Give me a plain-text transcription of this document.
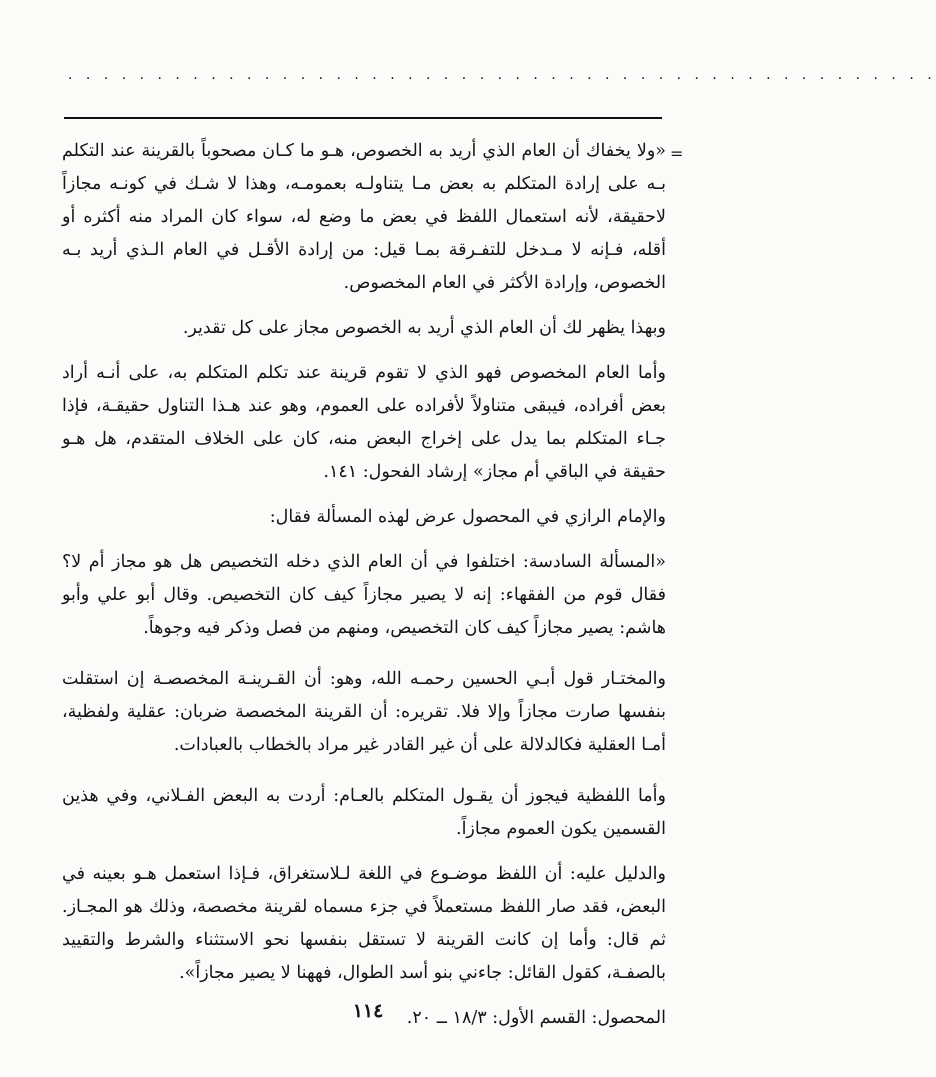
· · · · · · · · · · · · · · · · · · · · · · · · · · · · · · · · · · · · · · · · · · · · · · · · ·
=

«ولا يخفاك أن العام الذي أريد به الخصوص، هـو ما كـان مصحوباً بالقرينة عند التكلم بـه على إرادة المتكلم به بعض مـا يتناولـه بعمومـه، وهذا لا شـك في كونـه مجازاً لاحقيقة، لأنه استعمال اللفظ في بعض ما وضع له، سواء كان المراد منه أكثره أو أقله، فـإنه لا مـدخل للتفـرقة بمـا قيل: من إرادة الأقـل في العام الـذي أريد بـه الخصوص، وإرادة الأكثر في العام المخصوص.

وبهذا يظهر لك أن العام الذي أريد به الخصوص مجاز على كل تقدير.

وأما العام المخصوص فهو الذي لا تقوم قرينة عند تكلم المتكلم به، على أنـه أراد بعض أفراده، فيبقى متناولاً لأفراده على العموم، وهو عند هـذا التناول حقيقـة، فإذا جـاء المتكلم بما يدل على إخراج البعض منه، كان على الخلاف المتقدم، هل هـو حقيقة في الباقي أم مجاز» إرشاد الفحول: ١٤١.

والإمام الرازي في المحصول عرض لهذه المسألة فقال:

«المسألة السادسة: اختلفوا في أن العام الذي دخله التخصيص هل هو مجاز أم لا؟ فقال قوم من الفقهاء: إنه لا يصير مجازاً كيف كان التخصيص. وقال أبو علي وأبو هاشم: يصير مجازاً كيف كان التخصيص، ومنهم من فصل وذكر فيه وجوهاً.

والمختـار قول أبـي الحسين رحمـه الله، وهو: أن القـرينـة المخصصـة إن استقلت بنفسها صارت مجازاً وإلا فلا. تقريره: أن القرينة المخصصة ضربان: عقلية ولفظية، أمـا العقلية فكالدلالة على أن غير القادر غير مراد بالخطاب بالعبادات.

وأما اللفظية فيجوز أن يقـول المتكلم بالعـام: أردت به البعض الفـلاني، وفي هذين القسمين يكون العموم مجازاً.

والدليل عليه: أن اللفظ موضـوع في اللغة لـلاستغراق، فـإذا استعمل هـو بعينه في البعض، فقد صار اللفظ مستعملاً في جزء مسماه لقرينة مخصصة، وذلك هو المجـاز. ثم قال: وأما إن كانت القرينة لا تستقل بنفسها نحو الاستثناء والشرط والتقييد بالصفـة، كقول القائل: جاءني بنو أسد الطوال، فههنا لا يصير مجازاً».

المحصول: القسم الأول: ١٨/٣ ــ ٢٠.

١١٤
